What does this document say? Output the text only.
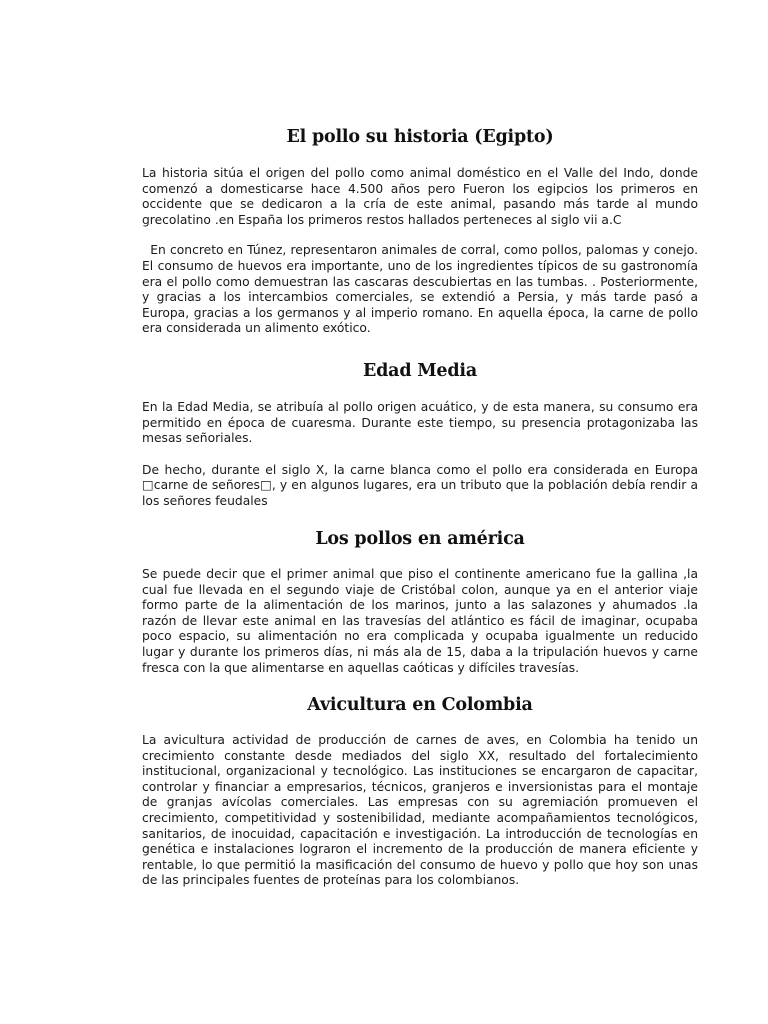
El pollo su historia (Egipto)

La historia sitúa el origen del pollo como animal doméstico en el Valle del Indo, donde comenzó a domesticarse hace 4.500 años pero Fueron los egipcios los primeros en occidente que se dedicaron a la cría de este animal, pasando más tarde al mundo grecolatino .en España los primeros restos hallados perteneces al siglo vii a.C

En concreto en Túnez, representaron animales de corral, como pollos, palomas y conejo. El consumo de huevos era importante, uno de los ingredientes típicos de su gastronomía era el pollo como demuestran las cascaras descubiertas en las tumbas. . Posteriormente, y gracias a los intercambios comerciales, se extendió a Persia, y más tarde pasó a Europa, gracias a los germanos y al imperio romano. En aquella época, la carne de pollo era considerada un alimento exótico.

Edad Media

En la Edad Media, se atribuía al pollo origen acuático, y de esta manera, su consumo era permitido en época de cuaresma. Durante este tiempo, su presencia protagonizaba las mesas señoriales.

De hecho, durante el siglo X, la carne blanca como el pollo era considerada en Europa □carne de señores□, y en algunos lugares, era un tributo que la población debía rendir a los señores feudales

Los pollos en américa

Se puede decir que el primer animal que piso el continente americano fue la gallina ,la cual fue llevada en el segundo viaje de Cristóbal colon, aunque ya en el anterior viaje formo parte de la alimentación de los marinos, junto a las salazones y ahumados .la razón de llevar este animal en las travesías del atlántico es fácil de imaginar, ocupaba poco espacio, su alimentación no era complicada y ocupaba igualmente un reducido lugar y durante los primeros días, ni más ala de 15, daba a la tripulación huevos y carne fresca con la que alimentarse en aquellas caóticas y difíciles travesías.

Avicultura en Colombia

La avicultura actividad de producción de carnes de aves, en Colombia ha tenido un crecimiento constante desde mediados del siglo XX, resultado del fortalecimiento institucional, organizacional y tecnológico. Las instituciones se encargaron de capacitar, controlar y financiar a empresarios, técnicos, granjeros e inversionistas para el montaje de granjas avícolas comerciales. Las empresas con su agremiación promueven el crecimiento, competitividad y sostenibilidad, mediante acompañamientos tecnológicos, sanitarios, de inocuidad, capacitación e investigación. La introducción de tecnologías en genética e instalaciones lograron el incremento de la producción de manera eficiente y rentable, lo que permitió la masificación del consumo de huevo y pollo que hoy son unas de las principales fuentes de proteínas para los colombianos.
